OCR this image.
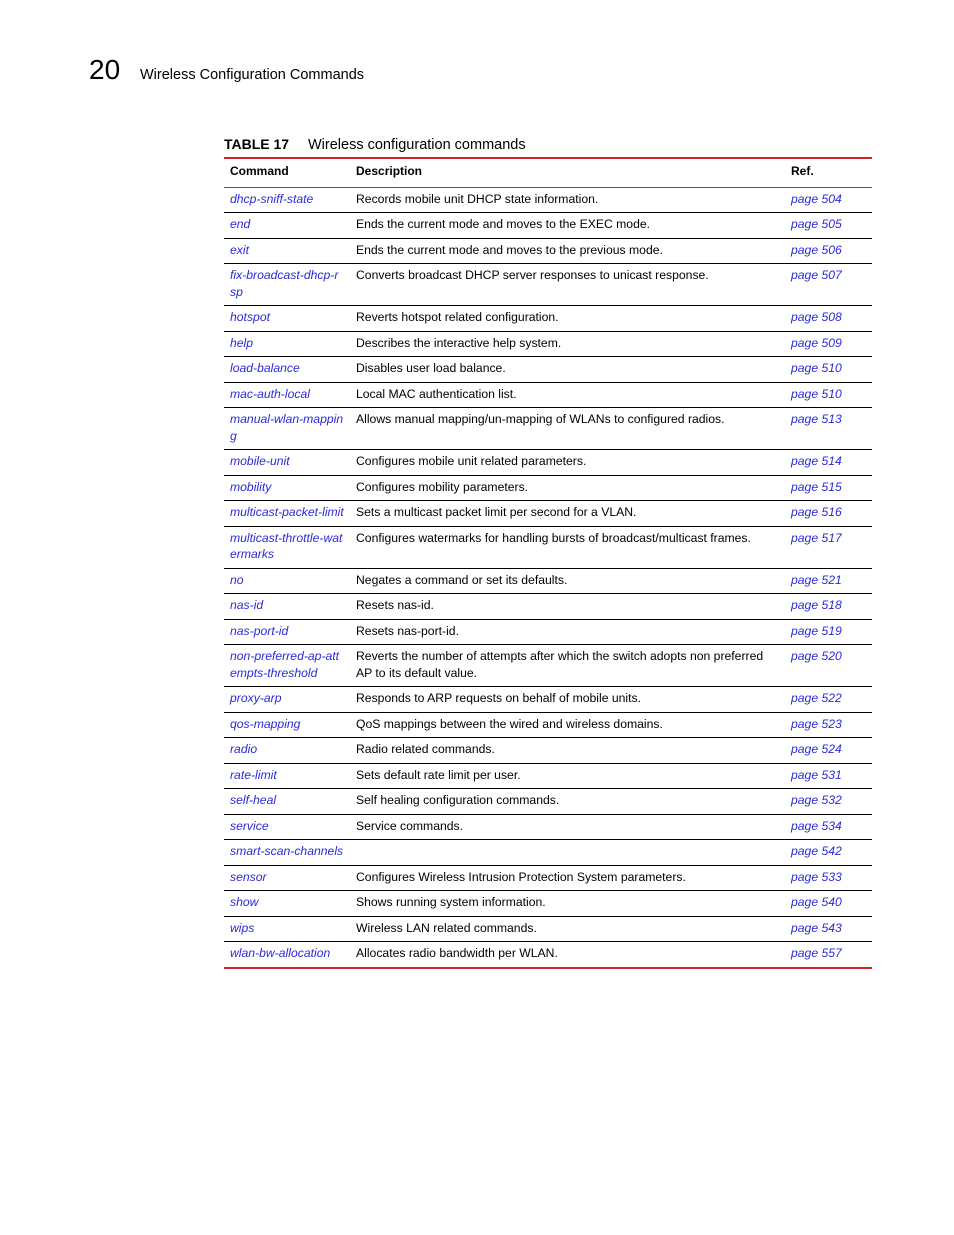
20 Wireless Configuration Commands
TABLE 17 Wireless configuration commands
Command	Description	Ref.
dhcp-sniff-state	Records mobile unit DHCP state information.	page 504
end	Ends the current mode and moves to the EXEC mode.	page 505
exit	Ends the current mode and moves to the previous mode.	page 506
fix-broadcast-dhcp-rsp	Converts broadcast DHCP server responses to unicast response.	page 507
hotspot	Reverts hotspot related configuration.	page 508
help	Describes the interactive help system.	page 509
load-balance	Disables user load balance.	page 510
mac-auth-local	Local MAC authentication list.	page 510
manual-wlan-mapping	Allows manual mapping/un-mapping of WLANs to configured radios.	page 513
mobile-unit	Configures mobile unit related parameters.	page 514
mobility	Configures mobility parameters.	page 515
multicast-packet-limit	Sets a multicast packet limit per second for a VLAN.	page 516
multicast-throttle-watermarks	Configures watermarks for handling bursts of broadcast/multicast frames.	page 517
no	Negates a command or set its defaults.	page 521
nas-id	Resets nas-id.	page 518
nas-port-id	Resets nas-port-id.	page 519
non-preferred-ap-attempts-threshold	Reverts the number of attempts after which the switch adopts non preferred AP to its default value.	page 520
proxy-arp	Responds to ARP requests on behalf of mobile units.	page 522
qos-mapping	QoS mappings between the wired and wireless domains.	page 523
radio	Radio related commands.	page 524
rate-limit	Sets default rate limit per user.	page 531
self-heal	Self healing configuration commands.	page 532
service	Service commands.	page 534
smart-scan-channels		page 542
sensor	Configures Wireless Intrusion Protection System parameters.	page 533
show	Shows running system information.	page 540
wips	Wireless LAN related commands.	page 543
wlan-bw-allocation	Allocates radio bandwidth per WLAN.	page 557
